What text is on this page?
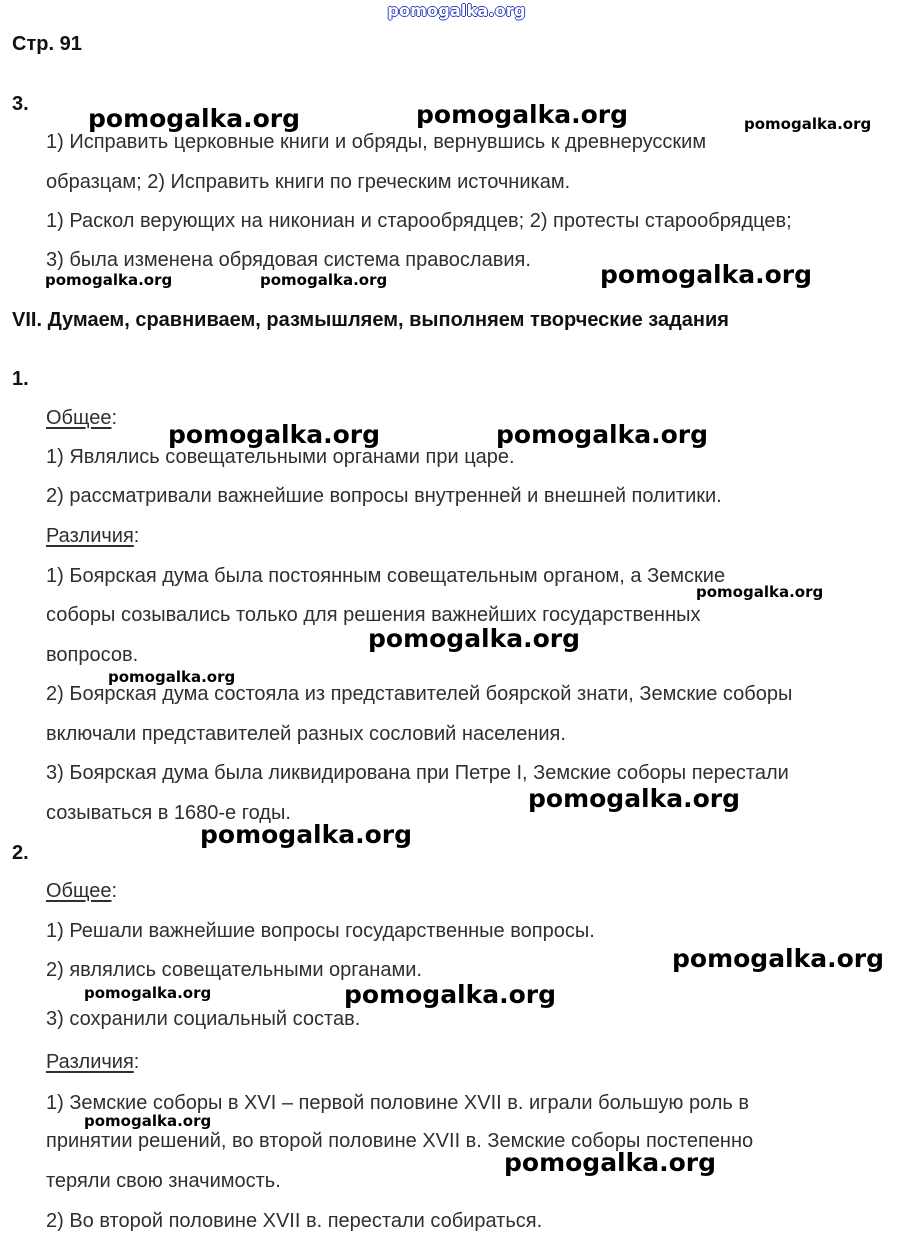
pomogalka.org
Стр. 91
3.
1) Исправить церковные книги и обряды, вернувшись к древнерусским
образцам; 2) Исправить книги по греческим источникам.
1) Раскол верующих на никониан и старообрядцев; 2) протесты старообрядцев;
3) была изменена обрядовая система православия.
VII. Думаем, сравниваем, размышляем, выполняем творческие задания
1.
Общее:
1) Являлись совещательными органами при царе.
2) рассматривали важнейшие вопросы внутренней и внешней политики.
Различия:
1) Боярская дума была постоянным совещательным органом, а Земские
соборы созывались только для решения важнейших государственных
вопросов.
2) Боярская дума состояла из представителей боярской знати, Земские соборы
включали представителей разных сословий населения.
3) Боярская дума была ликвидирована при Петре I, Земские соборы перестали
созываться в 1680-е годы.
2.
Общее:
1) Решали важнейшие вопросы государственные вопросы.
2) являлись совещательными органами.
3) сохранили социальный состав.
Различия:
1) Земские соборы в XVI – первой половине XVII в. играли большую роль в
принятии решений, во второй половине XVII в. Земские соборы постепенно
теряли свою значимость.
2) Во второй половине XVII в. перестали собираться.
pomogalka.org	pomogalka.org	pomogalka.org
pomogalka.org	pomogalka.org	pomogalka.org
pomogalka.org	pomogalka.org
pomogalka.org
pomogalka.org
pomogalka.org
pomogalka.org
pomogalka.org
pomogalka.org
pomogalka.org	pomogalka.org
pomogalka.org
pomogalka.org
